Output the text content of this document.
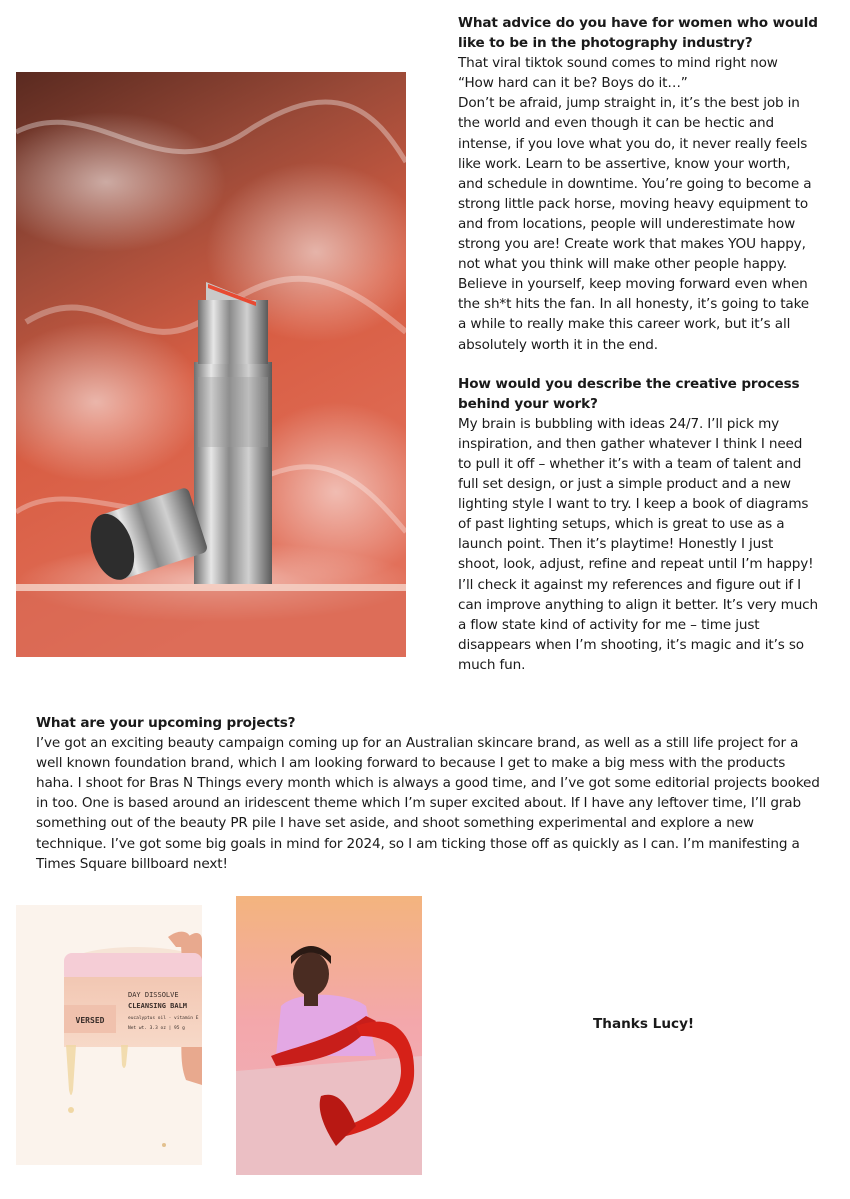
What advice do you have for women who would
like to be in the photography industry?

That viral tiktok sound comes to mind right now
“How hard can it be? Boys do it…”

Don’t be afraid, jump straight in, it’s the best job in the world and even though it can be hectic and intense, if you love what you do, it never really feels like work. Learn to be assertive, know your worth, and schedule in downtime. You’re going to become a strong little pack horse, moving heavy equipment to and from locations, people will underestimate how strong you are! Create work that makes YOU happy, not what you think will make other people happy. Believe in yourself, keep moving forward even when the sh*t hits the fan. In all honesty, it’s going to take a while to really make this career work, but it’s all absolutely worth it in the end.

How would you describe the creative process
behind your work?

My brain is bubbling with ideas 24/7. I’ll pick my inspiration, and then gather whatever I think I need to pull it off – whether it’s with a team of talent and full set design, or just a simple product and a new lighting style I want to try. I keep a book of diagrams of past lighting setups, which is great to use as a launch point. Then it’s playtime! Honestly I just shoot, look, adjust, refine and repeat until I’m happy! I’ll check it against my references and figure out if I can improve anything to align it better. It’s very much a flow state kind of activity for me – time just disappears when I’m shooting, it’s magic and it’s so much fun.

What are your upcoming projects?

I’ve got an exciting beauty campaign coming up for an Australian skincare brand, as well as a still life project for a well known foundation brand, which I am looking forward to because I get to make a big mess with the products haha. I shoot for Bras N Things every month which is always a good time, and I’ve got some editorial projects booked in too. One is based around an iridescent theme which I’m super excited about. If I have any leftover time, I’ll grab something out of the beauty PR pile I have set aside, and shoot something experimental and explore a new technique. I’ve got some big goals in mind for 2024, so I am ticking those off as quickly as I can. I’m manifesting a Times Square billboard next!

VERSED
DAY DISSOLVE
CLEANSING BALM
eucalyptus oil · vitamin E
Net wt. 3.3 oz | 95 g	Thanks Lucy!
